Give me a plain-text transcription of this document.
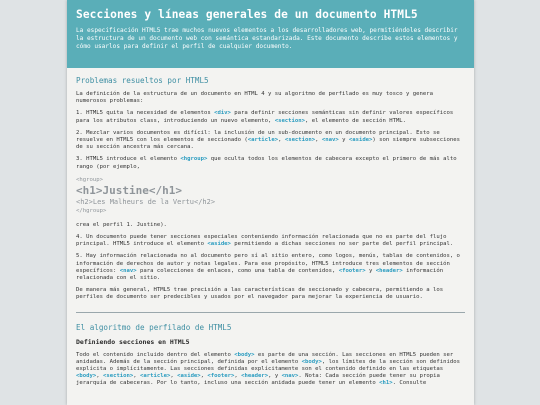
Secciones y líneas generales de un documento HTML5

La especificación HTML5 trae muchos nuevos elementos a los desarrolladores web, permitiéndoles describir la estructura de un documento web con semántica estandarizada. Este documento describe estos elementos y cómo usarlos para definir el perfil de cualquier documento.

Problemas resueltos por HTML5

La definición de la estructura de un documento en HTML 4 y su algoritmo de perfilado es muy tosco y genera numerosos problemas:

1. HTML5 quita la necesidad de elementos <div> para definir secciones semánticas sin definir valores específicos para los atributos class, introduciendo un nuevo elemento, <section>, el elemento de sección HTML.

2. Mezclar varios documentos es difícil: la inclusión de un sub-documento en un documento principal. Esto se resuelve en HTML5 con los elementos de seccionado (<article>, <section>, <nav> y <aside>) son siempre subsecciones de su sección ancestra más cercana.

3. HTML5 introduce el elemento <hgroup> que oculta todos los elementos de cabecera excepto el primero de más alto rango (por ejemplo,

<hgroup>
<h1>Justine</h1>
<h2>Les Malheurs de la Vertu</h2>
</hgroup>

crea el perfil 1. Justine).

4. Un documento puede tener secciones especiales conteniendo información relacionada que no es parte del flujo principal. HTML5 introduce el elemento <aside> permitiendo a dichas secciones no ser parte del perfil principal.

5. Hay información relacionada no al documento pero sí al sitio entero, como logos, menús, tablas de contenidos, o información de derechos de autor y notas legales. Para ese propósito, HTML5 introduce tres elementos de sección específicos: <nav> para colecciones de enlaces, como una tabla de contenidos, <footer> y <header> información relacionada con el sitio.

De manera más general, HTML5 trae precisión a las características de seccionado y cabecera, permitiendo a los perfiles de documento ser predecibles y usados por el navegador para mejorar la experiencia de usuario.

El algoritmo de perfilado de HTML5
Definiendo secciones en HTML5

Todo el contenido incluido dentro del elemento <body> es parte de una sección. Las secciones en HTML5 pueden ser anidadas. Además de la sección principal, definida por el elemento <body>, los límites de la sección son definidos explícita o implícitamente. Las secciones definidas explícitamente son el contenido definido en las etiquetas <body>, <section>, <article>, <aside>, <footer>, <header>, y <nav>. Nota: Cada sección puede tener su propia jerarquía de cabeceras. Por lo tanto, incluso una sección anidada puede tener un elemento <h1>. Consulte
